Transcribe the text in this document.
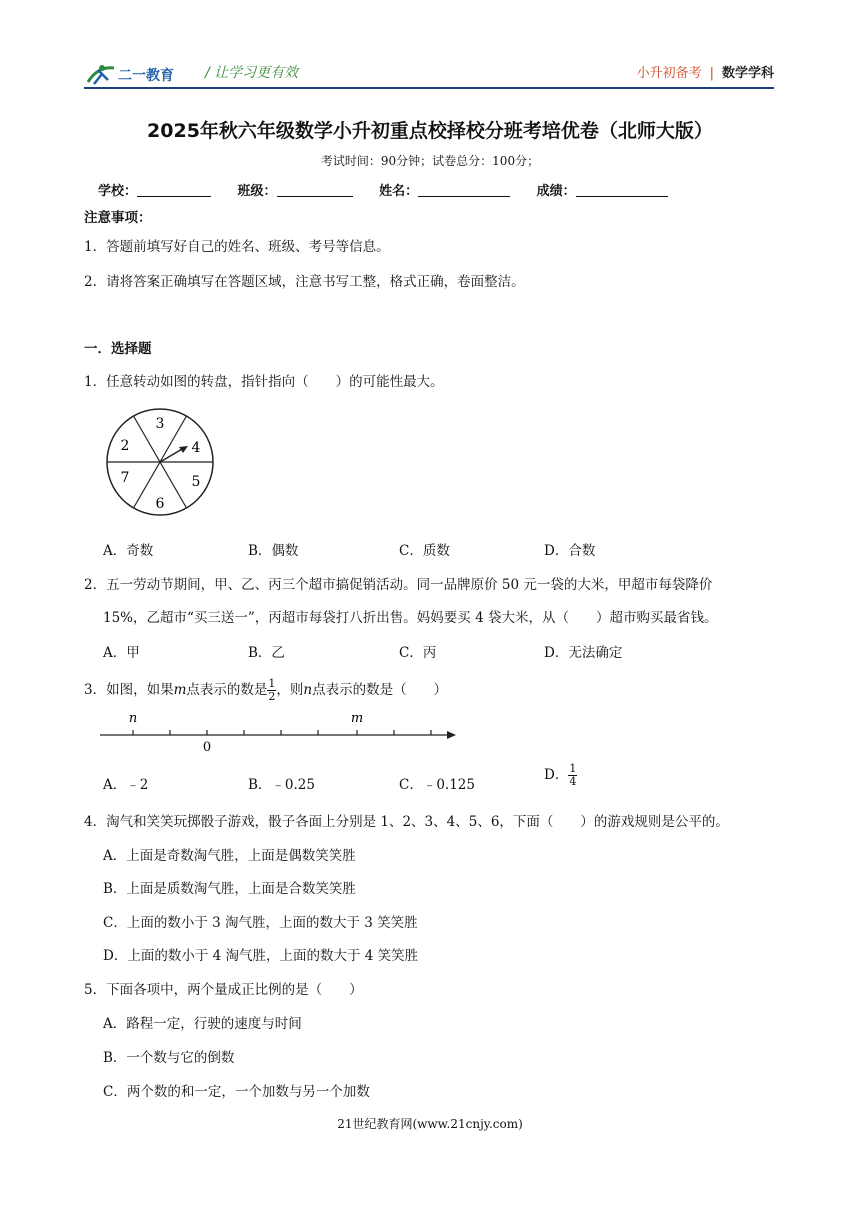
二一教育 / 让学习更有效	小升初备考 | 数学学科
2025年秋六年级数学小升初重点校择校分班考培优卷（北师大版）
考试时间：90分钟；试卷总分：100分；
学校：	班级：	姓名：	成绩：
注意事项：
1．答题前填写好自己的姓名、班级、考号等信息。
2．请将答案正确填写在答题区域，注意书写工整，格式正确，卷面整洁。
一．选择题
1．任意转动如图的转盘，指针指向（　　）的可能性最大。
3
4
5
6
7
2
A．奇数	B．偶数	C．质数	D．合数
2．五一劳动节期间，甲、乙、丙三个超市搞促销活动。同一品牌原价 50 元一袋的大米，甲超市每袋降价
15%，乙超市“买三送一”，丙超市每袋打八折出售。妈妈要买 4 袋大米，从（　　）超市购买最省钱。
A．甲	B．乙	C．丙	D．无法确定
3．如图，如果m点表示的数是 $\frac{1}{2}$ ，则n点表示的数是（　　）
n	m
0
A．﹣2	B．﹣0.25	C．﹣0.125
D． $\frac{1}{4}$
4．淘气和笑笑玩掷骰子游戏，骰子各面上分别是 1、2、3、4、5、6，下面（　　）的游戏规则是公平的。
A．上面是奇数淘气胜，上面是偶数笑笑胜
B．上面是质数淘气胜，上面是合数笑笑胜
C．上面的数小于 3 淘气胜，上面的数大于 3 笑笑胜
D．上面的数小于 4 淘气胜，上面的数大于 4 笑笑胜
5．下面各项中，两个量成正比例的是（　　）
A．路程一定，行驶的速度与时间
B．一个数与它的倒数
C．两个数的和一定，一个加数与另一个加数
21世纪教育网(www.21cnjy.com)
